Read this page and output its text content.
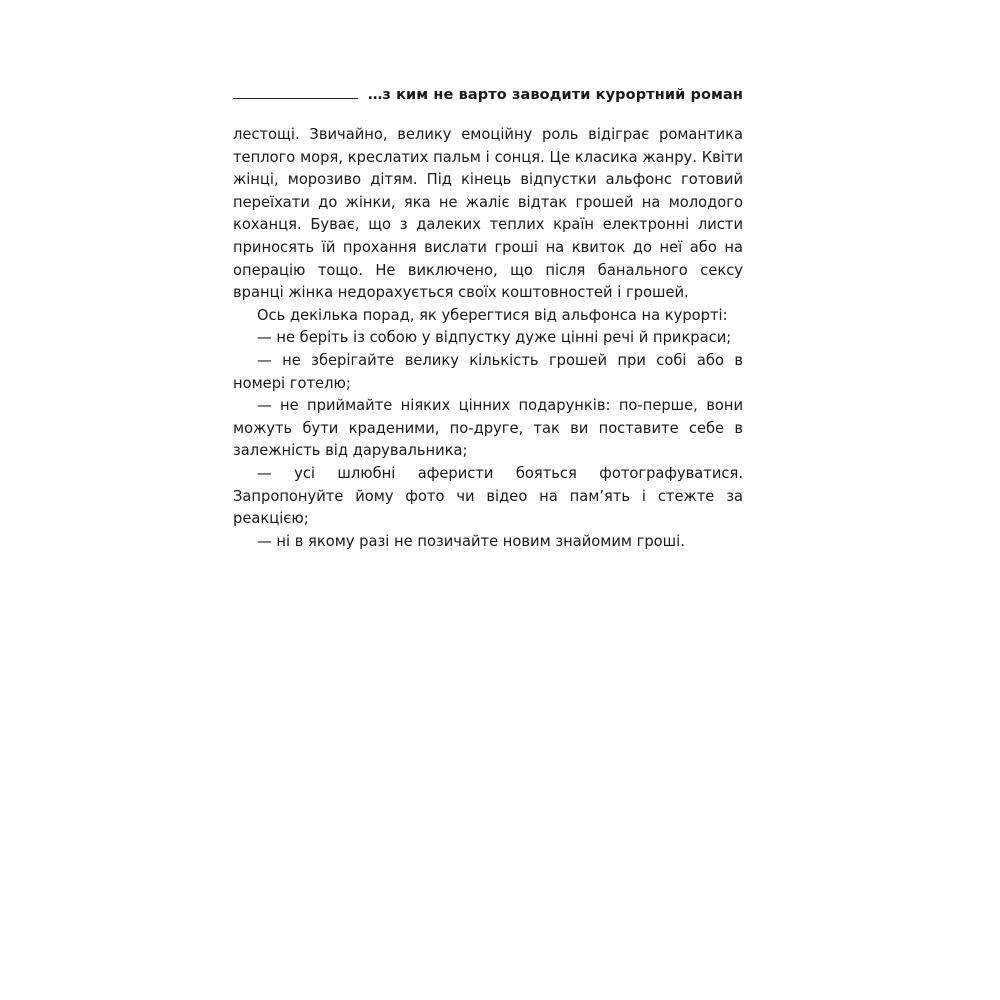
…з ким не варто заводити курортний роман

лестощі. Звичайно, велику емоційну роль відіграє романтика теплого моря, креслатих пальм і сонця. Це класика жанру. Квіти жінці, морозиво дітям. Під кінець відпустки альфонс готовий переїхати до жінки, яка не жаліє відтак грошей на молодого коханця. Буває, що з далеких теплих країн електронні листи приносять їй прохання вислати гроші на квиток до неї або на операцію тощо. Не виключено, що після банального сексу вранці жінка недорахується своїх коштовностей і грошей.

Ось декілька порад, як уберегтися від альфонса на курорті:

— не беріть із собою у відпустку дуже цінні речі й прикраси;

— не зберігайте велику кількість грошей при собі або в номері готелю;

— не приймайте ніяких цінних подарунків: по-перше, вони можуть бути краденими, по-друге, так ви поставите себе в залежність від дарувальника;

— усі шлюбні аферисти бояться фотографуватися. Запропонуйте йому фото чи відео на пам’ять і стежте за реакцією;

— ні в якому разі не позичайте новим знайомим гроші.
